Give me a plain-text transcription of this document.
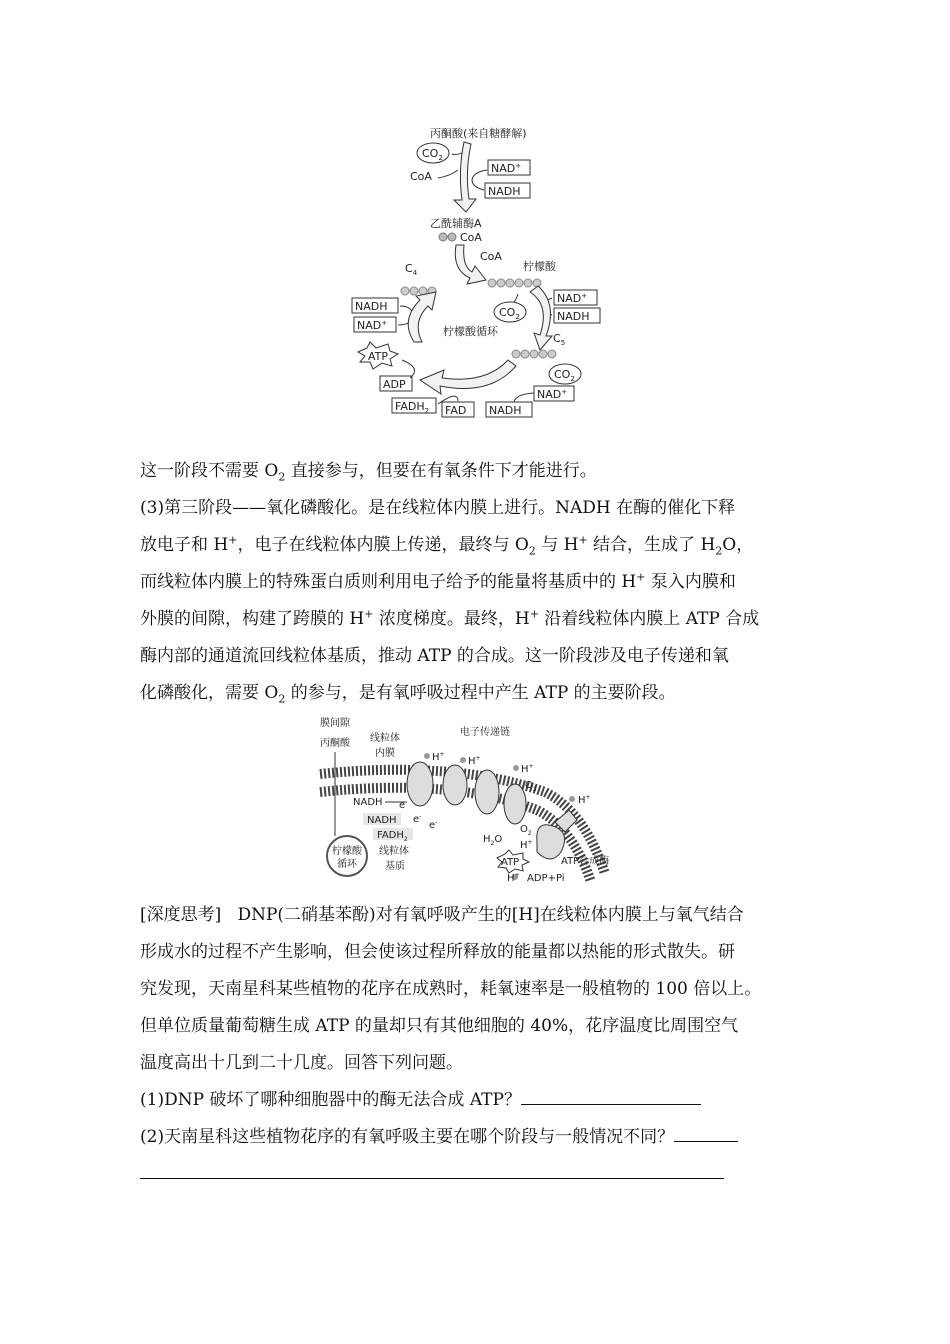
丙酮酸(来自糖酵解)
$CO_2$
NAD+
NADH
CoA
乙酰辅酶A
CoA
CoA
柠檬酸
$C_4$
NAD+
NADH
$CO_2$
NADH
NAD+
柠檬酸循环
$C_5$
$CO_2$
ATP
ADP
$FADH_2$ FAD NADH
NAD+

这一阶段不需要 $O_2$ 直接参与，但要在有氧条件下才能进行。

(3)第三阶段——氧化磷酸化。是在线粒体内膜上进行。NADH 在酶的催化下释

放电子和 H+，电子在线粒体内膜上传递，最终与 $O_2$ 与 H+ 结合，生成了 $H_2O$，

而线粒体内膜上的特殊蛋白质则利用电子给予的能量将基质中的 H+ 泵入内膜和

外膜的间隙，构建了跨膜的 H+ 浓度梯度。最终，H+ 沿着线粒体内膜上 ATP 合成

酶内部的通道流回线粒体基质，推动 ATP 的合成。这一阶段涉及电子传递和氧

化磷酸化，需要 $O_2$ 的参与，是有氧呼吸过程中产生 ATP 的主要阶段。

膜间隙
丙酮酸 线粒体
内膜
电子传递链
H+
H+
H+
$O_2$
H+
NADH e-
NADH e-
$FADH_2$
e-
柠檬酸
循环
线粒体
基质
$H_2O$
$O_2$
H+
ATP
H+ ADP+Pi
ATP合成酶

[深度思考] DNP(二硝基苯酚)对有氧呼吸产生的[H]在线粒体内膜上与氧气结合

形成水的过程不产生影响，但会使该过程所释放的能量都以热能的形式散失。研

究发现，天南星科某些植物的花序在成熟时，耗氧速率是一般植物的 100 倍以上。

但单位质量葡萄糖生成 ATP 的量却只有其他细胞的 40%，花序温度比周围空气

温度高出十几到二十几度。回答下列问题。

(1)DNP 破坏了哪种细胞器中的酶无法合成 ATP？

(2)天南星科这些植物花序的有氧呼吸主要在哪个阶段与一般情况不同？
